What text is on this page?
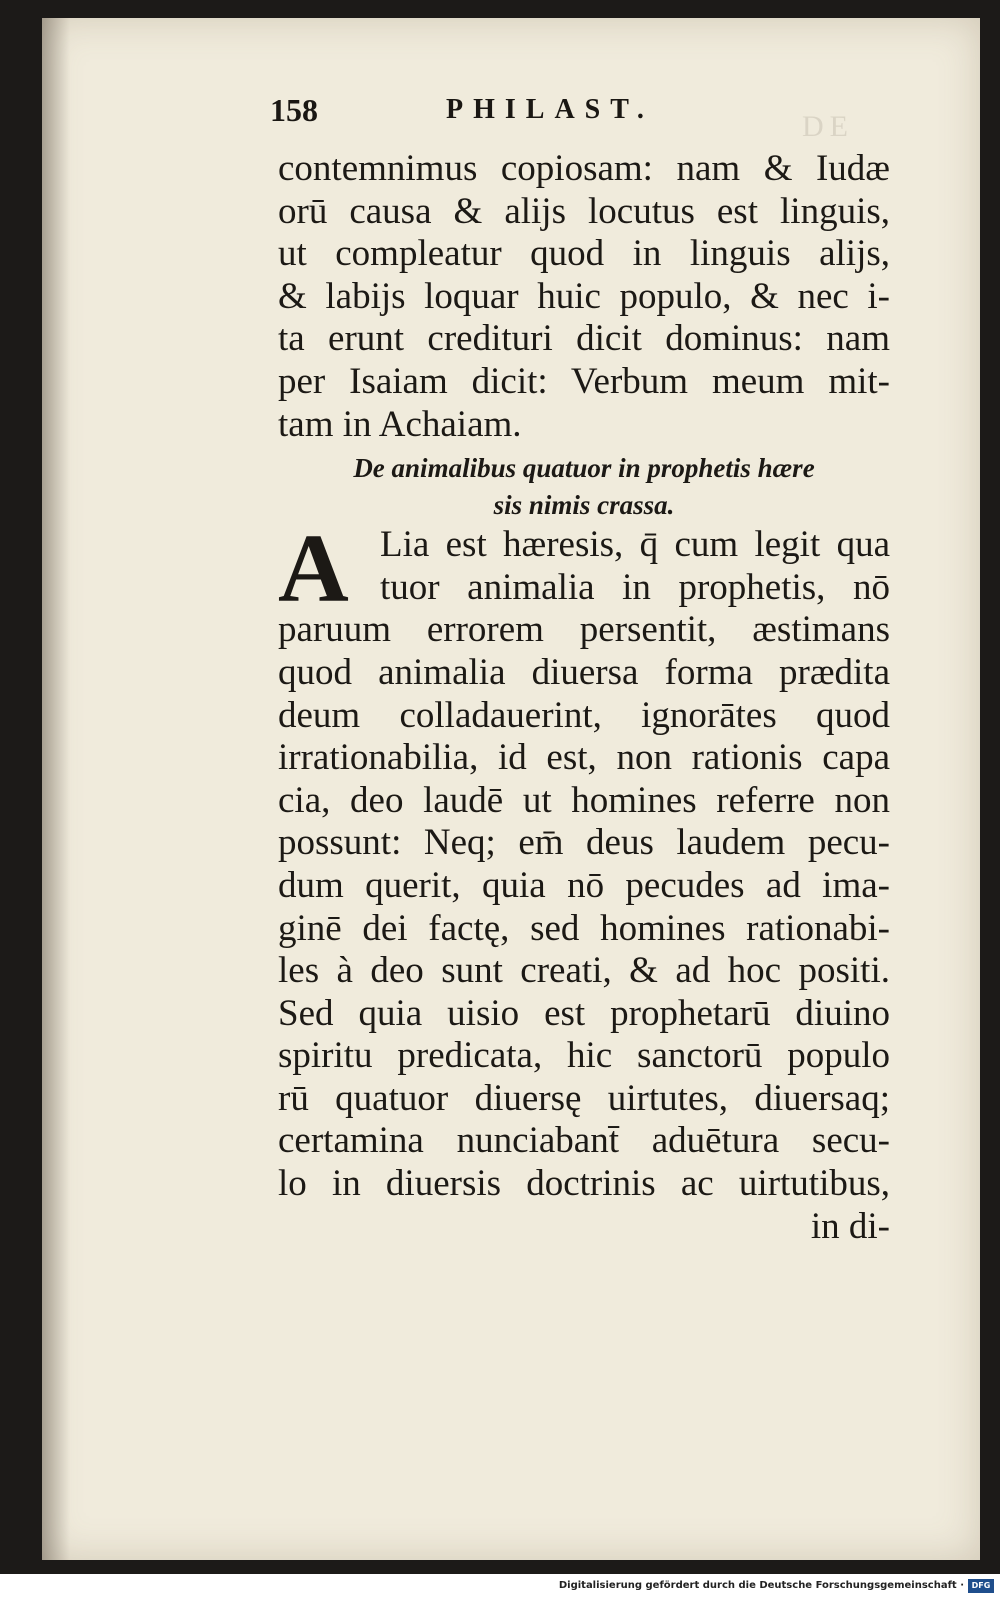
DE
158	PHILAST.
contemnimus copiosam: nam & Iudæ
orū causa & alijs locutus est linguis,
ut compleatur quod in linguis alijs,
& labijs loquar huic populo, & nec i-
ta erunt credituri dicit dominus: nam
per Isaiam dicit: Verbum meum mit-
tam in Achaiam.
De animalibus quatuor in prophetis hære
sis nimis crassa.
A Lia est hæresis, q̄ cum legit qua
tuor animalia in prophetis, nō
paruum errorem persentit, æstimans
quod animalia diuersa forma prædita
deum colladauerint, ignorātes quod
irrationabilia, id est, non rationis capa
cia, deo laudē ut homines referre non
possunt: Neq; em̄ deus laudem pecu-
dum querit, quia nō pecudes ad ima-
ginē dei factę, sed homines rationabi-
les à deo sunt creati, & ad hoc positi.
Sed quia uisio est prophetarū diuino
spiritu predicata, hic sanctorū populo
rū quatuor diuersę uirtutes, diuersaq;
certamina nunciabant̄ aduētura secu-
lo in diuersis doctrinis ac uirtutibus,
in di-
Digitalisierung gefördert durch die Deutsche Forschungsgemeinschaft · DFG
